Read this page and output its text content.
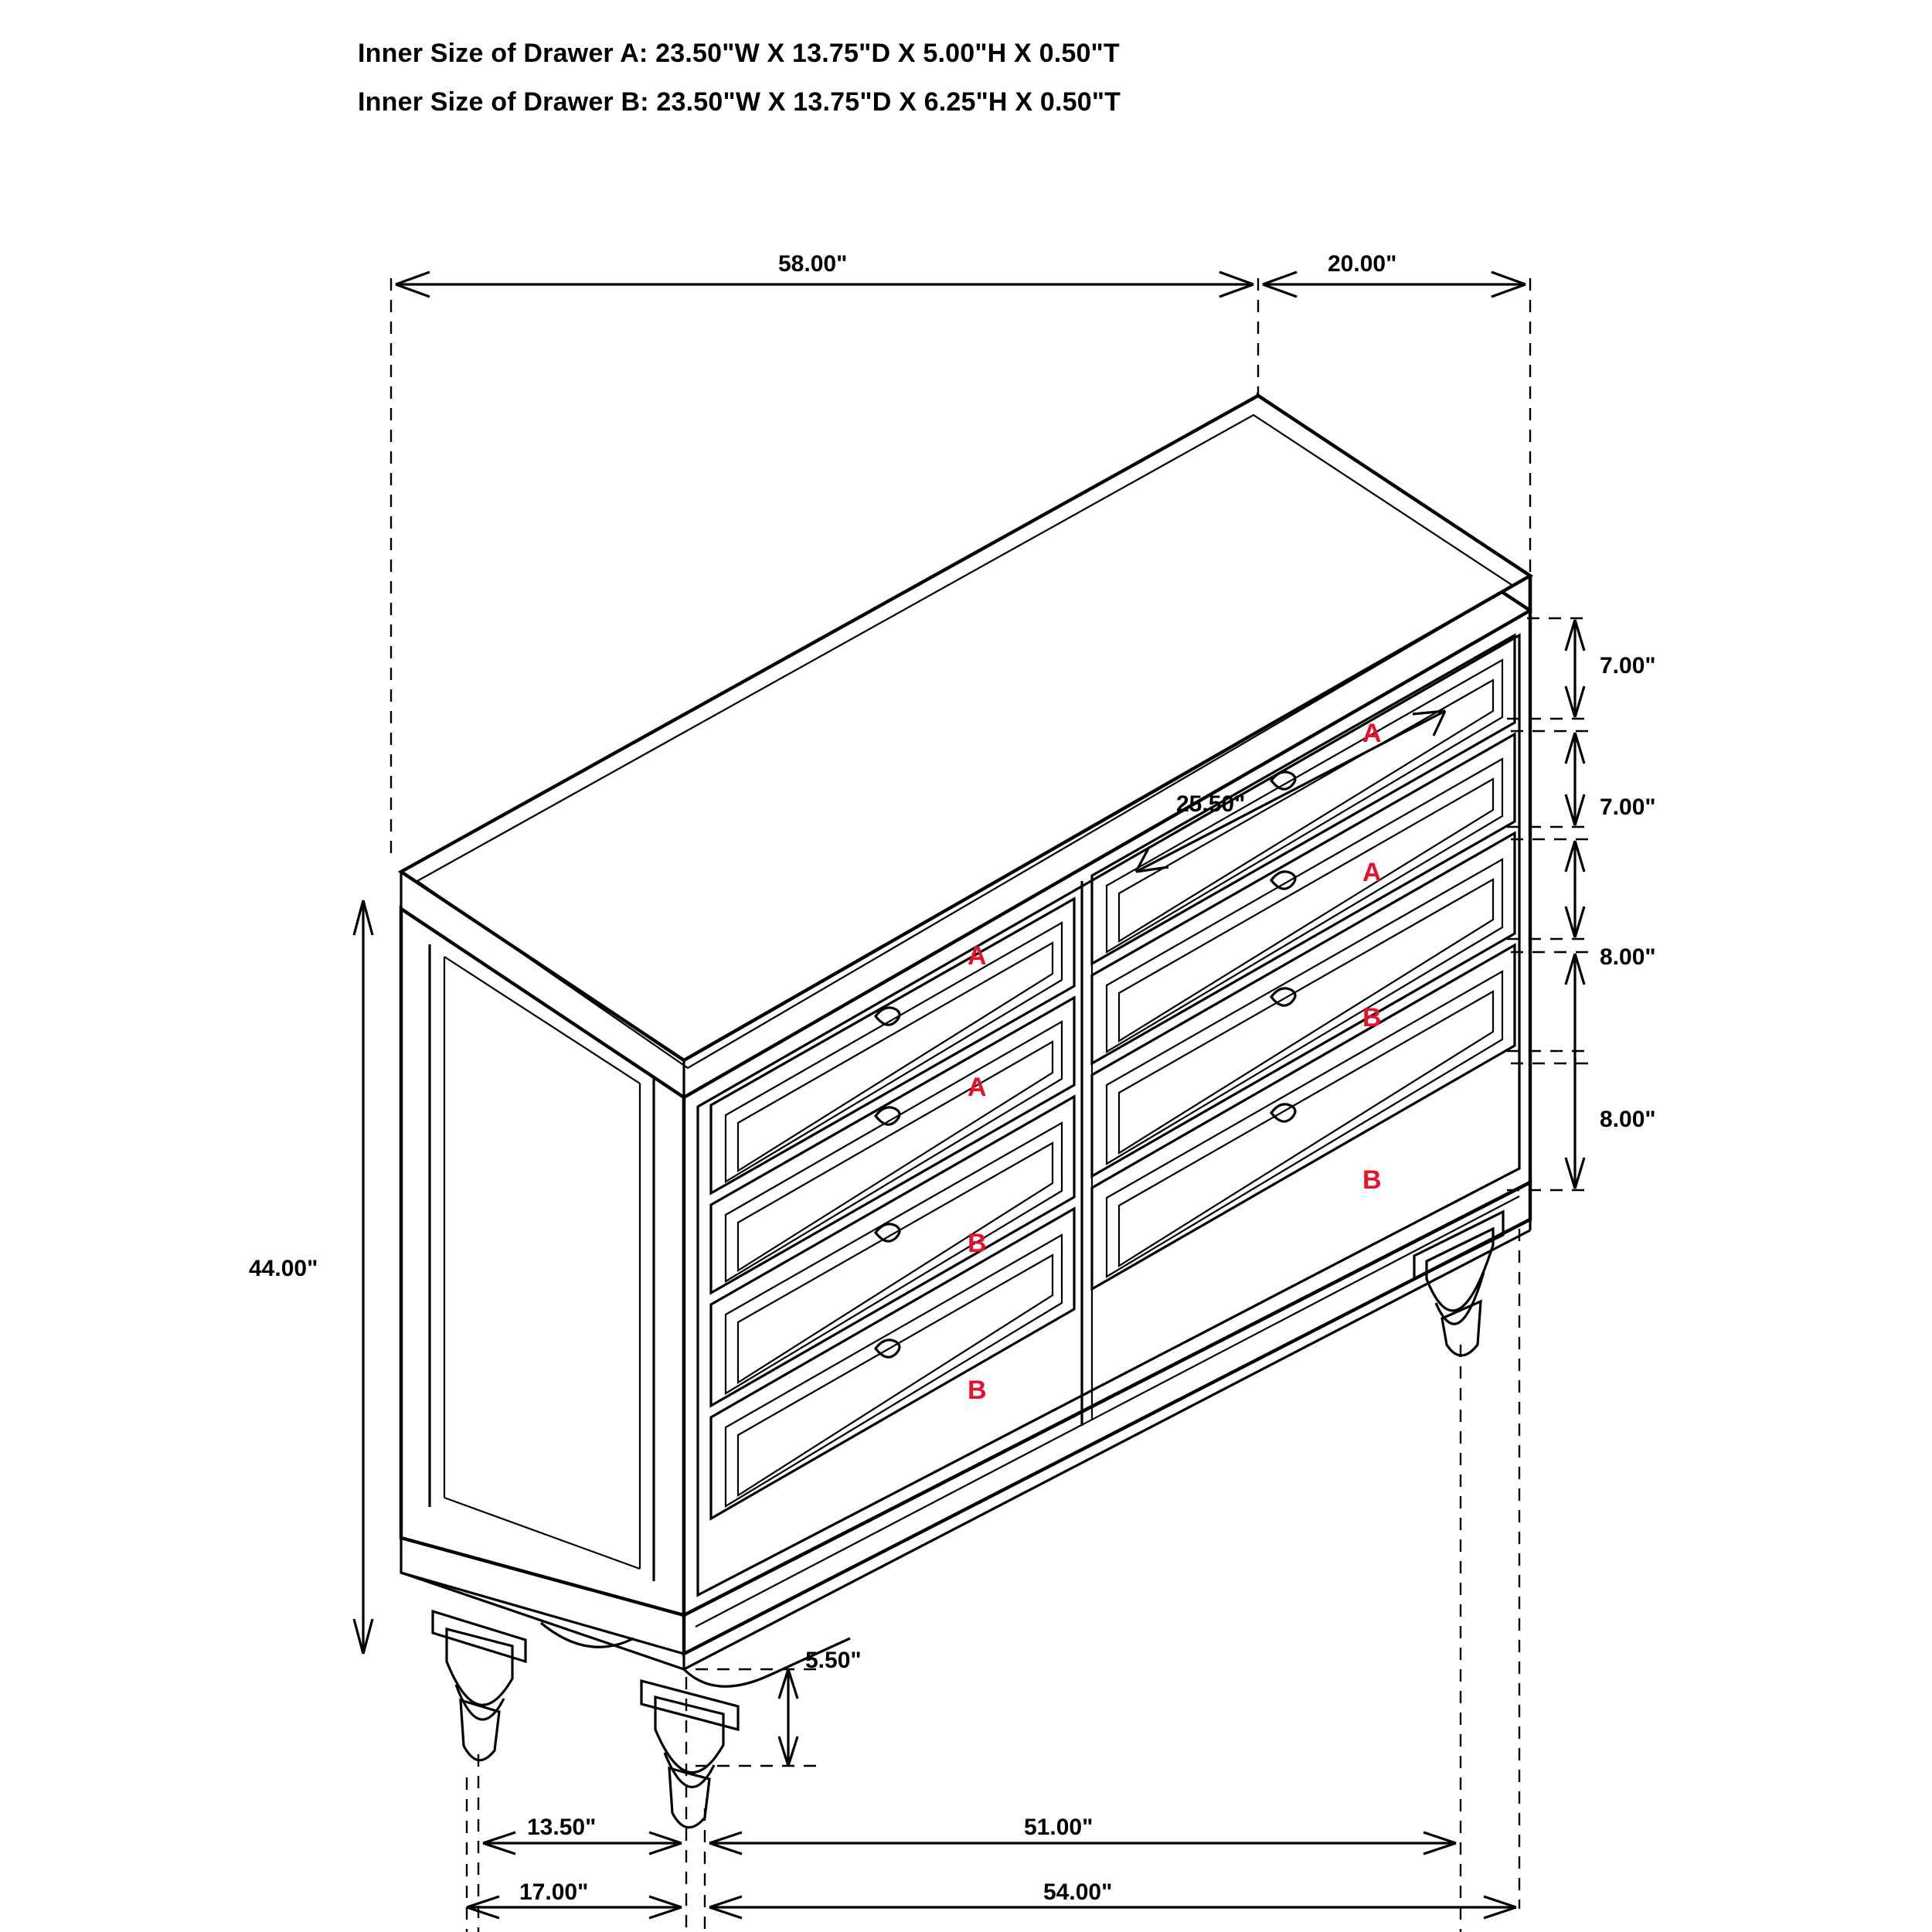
Inner Size of Drawer A: 23.50"W X 13.75"D X 5.00"H X 0.50"T
Inner Size of Drawer B: 23.50"W X 13.75"D X 6.25"H X 0.50"T
58.00"	20.00"
44.00"
25.50"
7.00"
7.00"
8.00"
8.00"
5.50"
13.50"	51.00"
17.00"	54.00"
A
A
B
B
A
A
B
B
